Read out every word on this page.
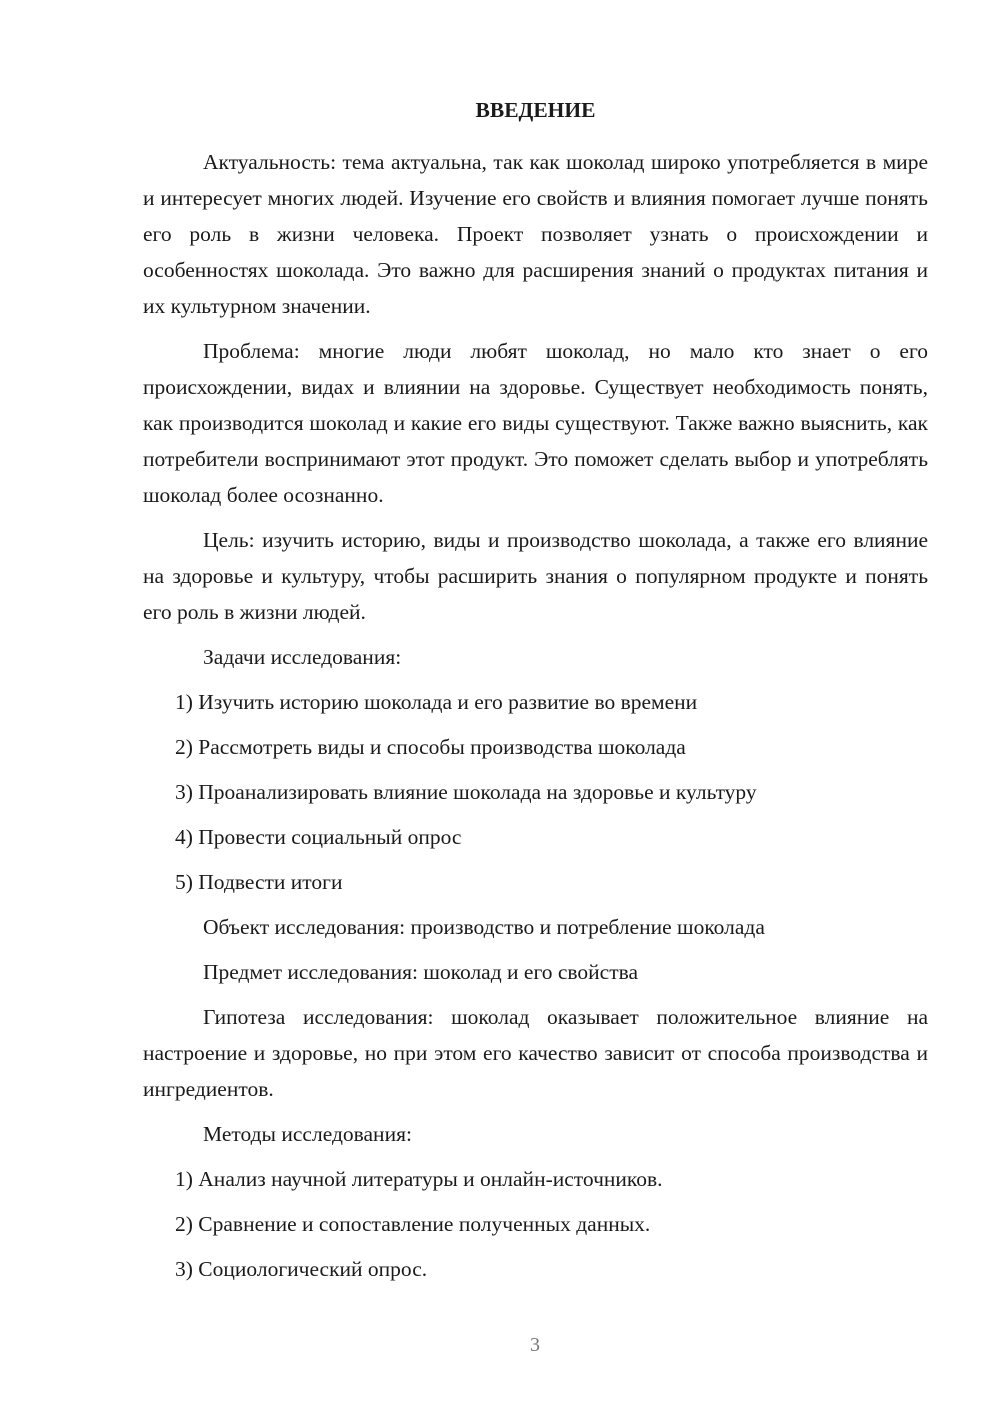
ВВЕДЕНИЕ

Актуальность: тема актуальна, так как шоколад широко употребляется в мире и интересует многих людей. Изучение его свойств и влияния помогает лучше понять его роль в жизни человека. Проект позволяет узнать о происхождении и особенностях шоколада. Это важно для расширения знаний о продуктах питания и их культурном значении.

Проблема: многие люди любят шоколад, но мало кто знает о его происхождении, видах и влиянии на здоровье. Существует необходимость понять, как производится шоколад и какие его виды существуют. Также важно выяснить, как потребители воспринимают этот продукт. Это поможет сделать выбор и употреблять шоколад более осознанно.

Цель: изучить историю, виды и производство шоколада, а также его влияние на здоровье и культуру, чтобы расширить знания о популярном продукте и понять его роль в жизни людей.

Задачи исследования:
1) Изучить историю шоколада и его развитие во времени
2) Рассмотреть виды и способы производства шоколада
3) Проанализировать влияние шоколада на здоровье и культуру
4) Провести социальный опрос
5) Подвести итоги
Объект исследования: производство и потребление шоколада
Предмет исследования: шоколад и его свойства

Гипотеза исследования: шоколад оказывает положительное влияние на настроение и здоровье, но при этом его качество зависит от способа производства и ингредиентов.

Методы исследования:
1) Анализ научной литературы и онлайн-источников.
2) Сравнение и сопоставление полученных данных.
3) Социологический опрос.
3
